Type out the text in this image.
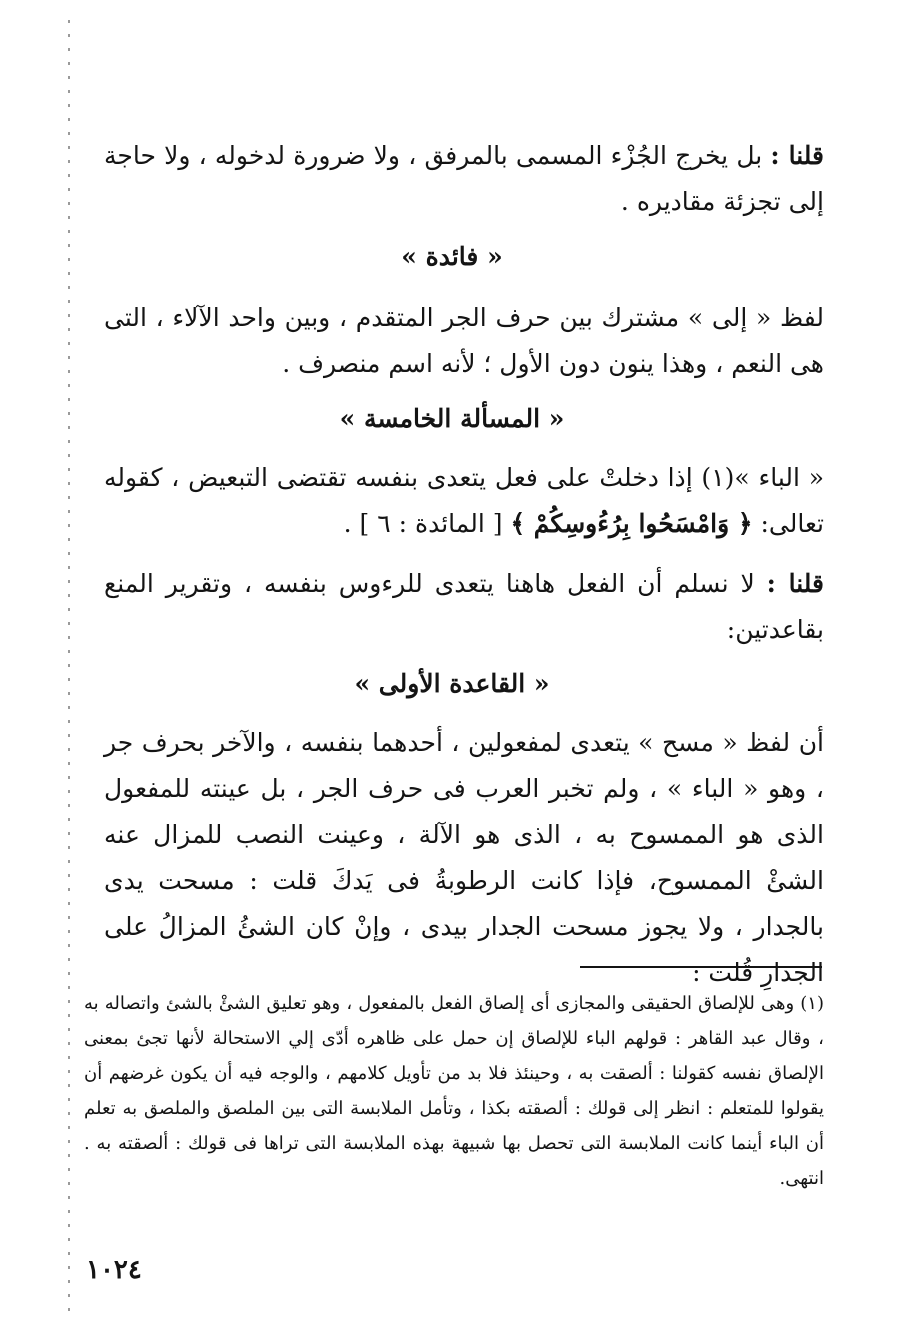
قلنا : بل يخرج الجُزْء المسمى بالمرفق ، ولا ضرورة لدخوله ، ولا حاجة إلى تجزئة مقاديره .
« فائدة »
لفظ « إلى » مشترك بين حرف الجر المتقدم ، وبين واحد الآلاء ، التى هى النعم ، وهذا ينون دون الأول ؛ لأنه اسم منصرف .
« المسألة الخامسة »
« الباء »(١) إذا دخلتْ على فعل يتعدى بنفسه تقتضى التبعيض ، كقوله تعالى: ﴿ وَامْسَحُوا بِرُءُوسِكُمْ ﴾ [ المائدة : ٦ ] .
قلنا : لا نسلم أن الفعل هاهنا يتعدى للرءوس بنفسه ، وتقرير المنع بقاعدتين:
« القاعدة الأولى »
أن لفظ « مسح » يتعدى لمفعولين ، أحدهما بنفسه ، والآخر بحرف جر ، وهو « الباء » ، ولم تخبر العرب فى حرف الجر ، بل عينته للمفعول الذى هو الممسوح به ، الذى هو الآلة ، وعينت النصب للمزال عنه الشئْ الممسوح، فإذا كانت الرطوبةُ فى يَدكَ قلت : مسحت يدى بالجدار ، ولا يجوز مسحت الجدار بيدى ، وإنْ كان الشئُ المزالُ على الجدارِ قُلت :
(١) وهى للإلصاق الحقيقى والمجازى أى إلصاق الفعل بالمفعول ، وهو تعليق الشئْ بالشئ واتصاله به ، وقال عبد القاهر : قولهم الباء للإلصاق إن حمل على ظاهره أدّى إلي الاستحالة لأنها تجئ بمعنى الإلصاق نفسه كقولنا : ألصقت به ، وحينئذ فلا بد من تأويل كلامهم ، والوجه فيه أن يكون غرضهم أن يقولوا للمتعلم : انظر إلى قولك : ألصقته بكذا ، وتأمل الملابسة التى بين الملصق والملصق به تعلم أن الباء أينما كانت الملابسة التى تحصل بها شبيهة بهذه الملابسة التى تراها فى قولك : ألصقته به . انتهى.
١٠٢٤
